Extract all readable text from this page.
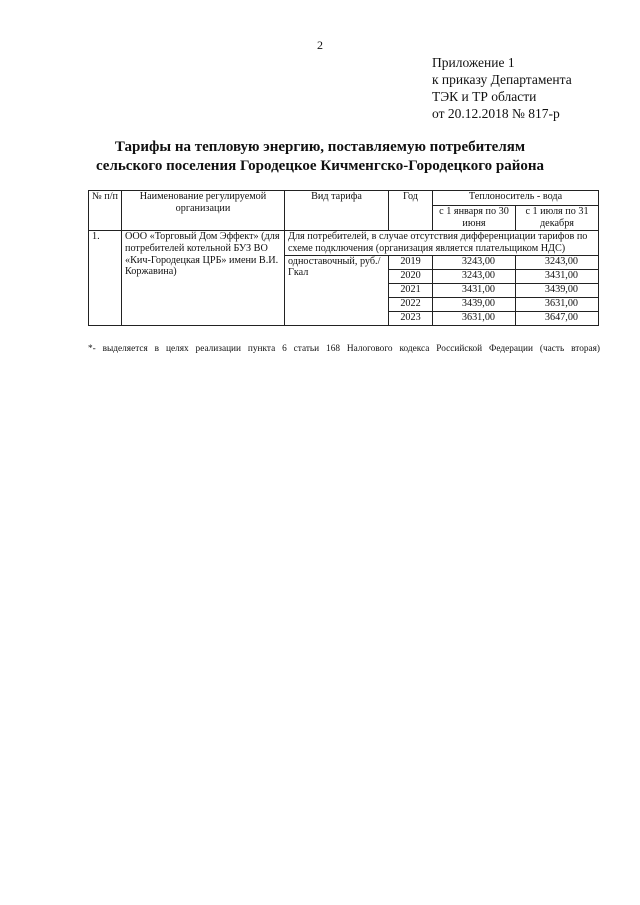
2
Приложение 1
к приказу Департамента
ТЭК и ТР области
от 20.12.2018 № 817-р
Тарифы на тепловую энергию, поставляемую потребителям
сельского поселения Городецкое Кичменгско-Городецкого района
№ п/п	Наименование регулируемой организации	Вид тарифа	Год	Теплоноситель - вода	
				с 1 января по 30 июня	с 1 июля по 31 декабря
1.	ООО «Торговый Дом Эффект» (для потребителей котельной БУЗ ВО «Кич-Городецкая ЦРБ» имени В.И. Коржавина)	Для потребителей, в случае отсутствия дифференциации тарифов по схеме подключения (организация является плательщиком НДС)			
		одноставочный, руб./Гкал	2019	3243,00	3243,00
			2020	3243,00	3431,00
			2021	3431,00	3439,00
			2022	3439,00	3631,00
			2023	3631,00	3647,00
*- выделяется в целях реализации пункта 6 статьи 168 Налогового кодекса Российской Федерации (часть вторая)
